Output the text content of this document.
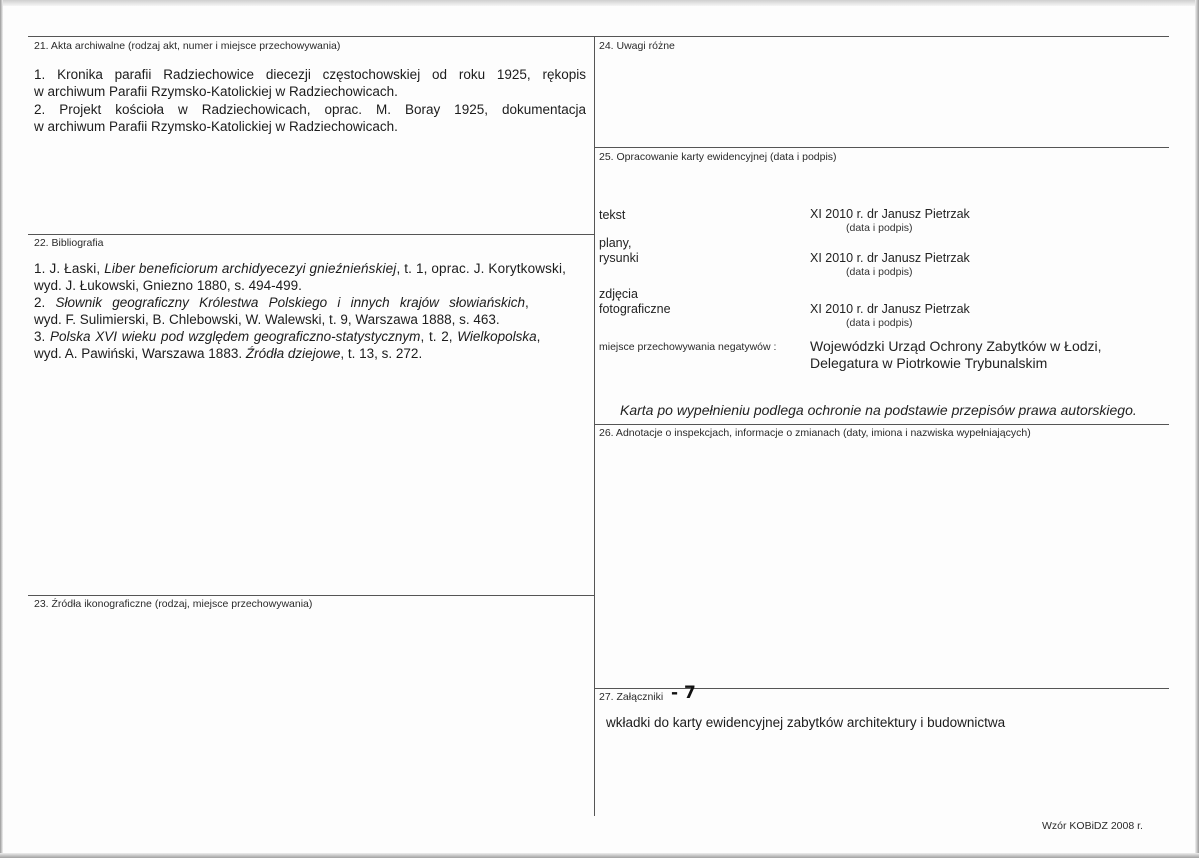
21. Akta archiwalne (rodzaj akt, numer i miejsce przechowywania)
1. Kronika parafii Radziechowice diecezji częstochowskiej od roku 1925, rękopis
w archiwum Parafii Rzymsko-Katolickiej w Radziechowicach.
2. Projekt kościoła w Radziechowicach, oprac. M. Boray 1925, dokumentacja
w archiwum Parafii Rzymsko-Katolickiej w Radziechowicach.
22. Bibliografia
1. J. Łaski, Liber beneficiorum archidyecezyi gnieźnieńskiej, t. 1, oprac. J. Korytkowski,
wyd. J. Łukowski, Gniezno 1880, s. 494-499.
2. Słownik geograficzny Królestwa Polskiego i innych krajów słowiańskich,
wyd. F. Sulimierski, B. Chlebowski, W. Walewski, t. 9, Warszawa 1888, s. 463.
3. Polska XVI wieku pod względem geograficzno-statystycznym, t. 2, Wielkopolska,
wyd. A. Pawiński, Warszawa 1883. Źródła dziejowe, t. 13, s. 272.
23. Źródła ikonograficzne (rodzaj, miejsce przechowywania)
24. Uwagi różne
25. Opracowanie karty ewidencyjnej (data i podpis)
tekst	XI 2010 r. dr Janusz Pietrzak
(data i podpis)
plany,
rysunki	XI 2010 r. dr Janusz Pietrzak
(data i podpis)
zdjęcia
fotograficzne	XI 2010 r. dr Janusz Pietrzak
(data i podpis)
miejsce przechowywania negatywów : Wojewódzki Urząd Ochrony Zabytków w Łodzi,
Delegatura w Piotrkowie Trybunalskim
Karta po wypełnieniu podlega ochronie na podstawie przepisów prawa autorskiego.
26. Adnotacje o inspekcjach, informacje o zmianach (daty, imiona i nazwiska wypełniających)
27. Załączniki - 7
wkładki do karty ewidencyjnej zabytków architektury i budownictwa
Wzór KOBiDZ 2008 r.
